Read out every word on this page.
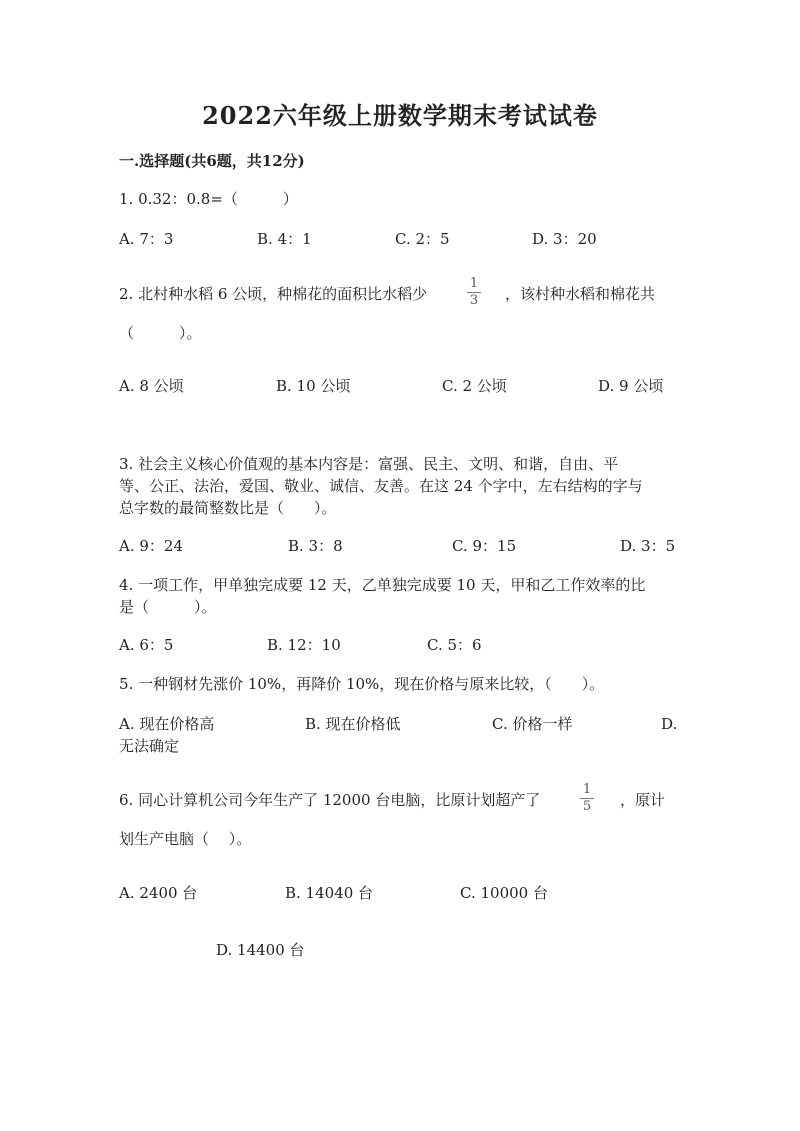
2022六年级上册数学期末考试试卷
一.选择题(共6题，共12分)
1. 0.32：0.8=（　　　）
A. 7：3	B. 4：1	C. 2：5	D. 3：20
2. 北村种水稻 6 公顷，种棉花的面积比水稻少
1
3 ，该村种水稻和棉花共
（　　　）。
A. 8 公顷	B. 10 公顷	C. 2 公顷	D. 9 公顷
3. 社会主义核心价值观的基本内容是：富强、民主、文明、和谐，自由、平
等、公正、法治，爱国、敬业、诚信、友善。在这 24 个字中，左右结构的字与
总字数的最简整数比是（　　）。
A. 9：24	B. 3：8	C. 9：15	D. 3：5
4. 一项工作，甲单独完成要 12 天，乙单独完成要 10 天，甲和乙工作效率的比
是（　　　）。
A. 6：5	B. 12：10	C. 5：6
5. 一种钢材先涨价 10%，再降价 10%，现在价格与原来比较，（　　）。
A. 现在价格高	B. 现在价格低	C. 价格一样	D.
无法确定
6. 同心计算机公司今年生产了 12000 台电脑，比原计划超产了
1
5 ，原计
划生产电脑（　 ）。
A. 2400 台	B. 14040 台	C. 10000 台
D. 14400 台
